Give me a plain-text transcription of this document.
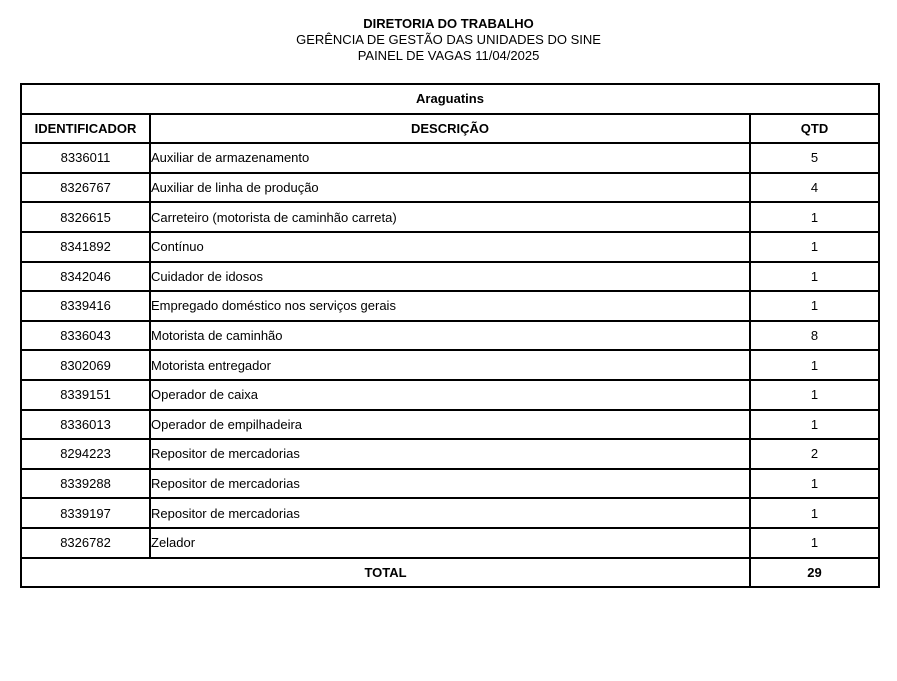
DIRETORIA DO TRABALHO
GERÊNCIA DE GESTÃO DAS UNIDADES DO SINE
PAINEL DE VAGAS 11/04/2025
Araguatins		
IDENTIFICADOR	DESCRIÇÃO	QTD
8336011	Auxiliar de armazenamento	5
8326767	Auxiliar de linha de produção	4
8326615	Carreteiro (motorista de caminhão carreta)	1
8341892	Contínuo	1
8342046	Cuidador de idosos	1
8339416	Empregado doméstico nos serviços gerais	1
8336043	Motorista de caminhão	8
8302069	Motorista entregador	1
8339151	Operador de caixa	1
8336013	Operador de empilhadeira	1
8294223	Repositor de mercadorias	2
8339288	Repositor de mercadorias	1
8339197	Repositor de mercadorias	1
8326782	Zelador	1
TOTAL		29
